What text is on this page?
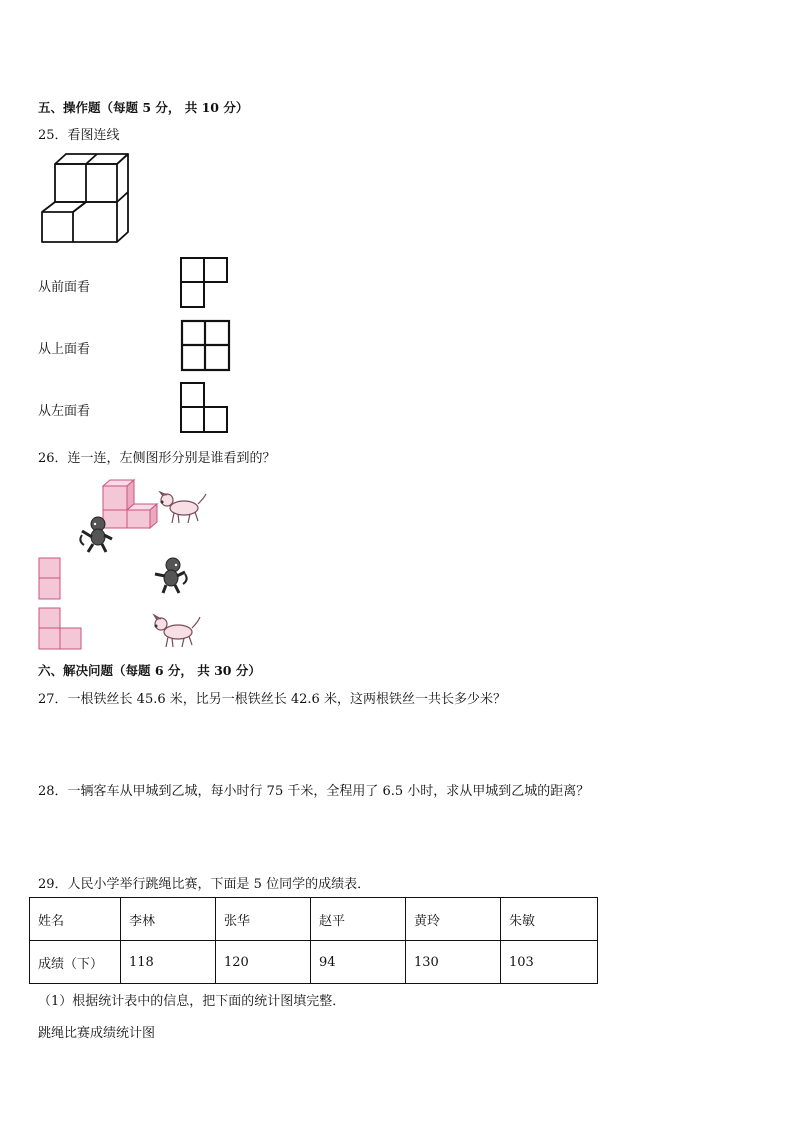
五、操作题（每题 5 分， 共 10 分）
25．看图连线
从前面看
从上面看
从左面看
26．连一连，左侧图形分别是谁看到的？
六、解决问题（每题 6 分， 共 30 分）
27．一根铁丝长 45.6 米，比另一根铁丝长 42.6 米，这两根铁丝一共长多少米？
28．一辆客车从甲城到乙城，每小时行 75 千米，全程用了 6.5 小时，求从甲城到乙城的距离？
29．人民小学举行跳绳比赛，下面是 5 位同学的成绩表．
姓名	李林	张华	赵平	黄玲	朱敏
成绩（下）	118	120	94	130	103
（1）根据统计表中的信息，把下面的统计图填完整．
跳绳比赛成绩统计图
